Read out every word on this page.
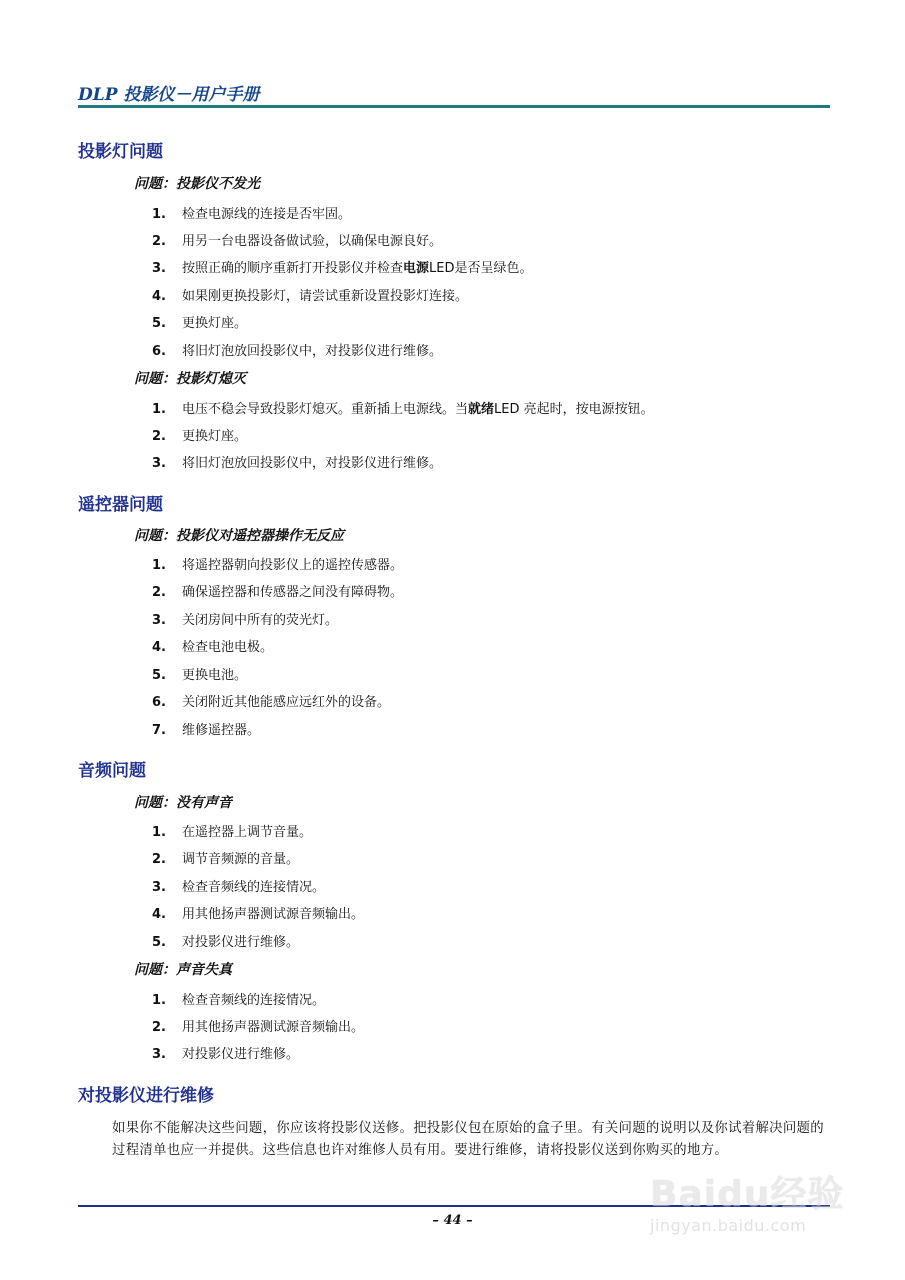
DLP 投影仪－用户手册
投影灯问题
问题：投影仪不发光
1. 检查电源线的连接是否牢固。
2. 用另一台电器设备做试验，以确保电源良好。
3. 按照正确的顺序重新打开投影仪并检查电源LED是否呈绿色。
4. 如果刚更换投影灯，请尝试重新设置投影灯连接。
5. 更换灯座。
6. 将旧灯泡放回投影仪中，对投影仪进行维修。
问题：投影灯熄灭
1. 电压不稳会导致投影灯熄灭。重新插上电源线。当就绪LED 亮起时，按电源按钮。
2. 更换灯座。
3. 将旧灯泡放回投影仪中，对投影仪进行维修。
遥控器问题
问题：投影仪对遥控器操作无反应
1. 将遥控器朝向投影仪上的遥控传感器。
2. 确保遥控器和传感器之间没有障碍物。
3. 关闭房间中所有的荧光灯。
4. 检查电池电极。
5. 更换电池。
6. 关闭附近其他能感应远红外的设备。
7. 维修遥控器。
音频问题
问题：没有声音
1. 在遥控器上调节音量。
2. 调节音频源的音量。
3. 检查音频线的连接情况。
4. 用其他扬声器测试源音频输出。
5. 对投影仪进行维修。
问题：声音失真
1. 检查音频线的连接情况。
2. 用其他扬声器测试源音频输出。
3. 对投影仪进行维修。
对投影仪进行维修
如果你不能解决这些问题，你应该将投影仪送修。把投影仪包在原始的盒子里。有关问题的说明以及你试着解决问题的过程清单也应一并提供。这些信息也许对维修人员有用。要进行维修，请将投影仪送到你购买的地方。
– 44 –
Baidu经验
jingyan.baidu.com
